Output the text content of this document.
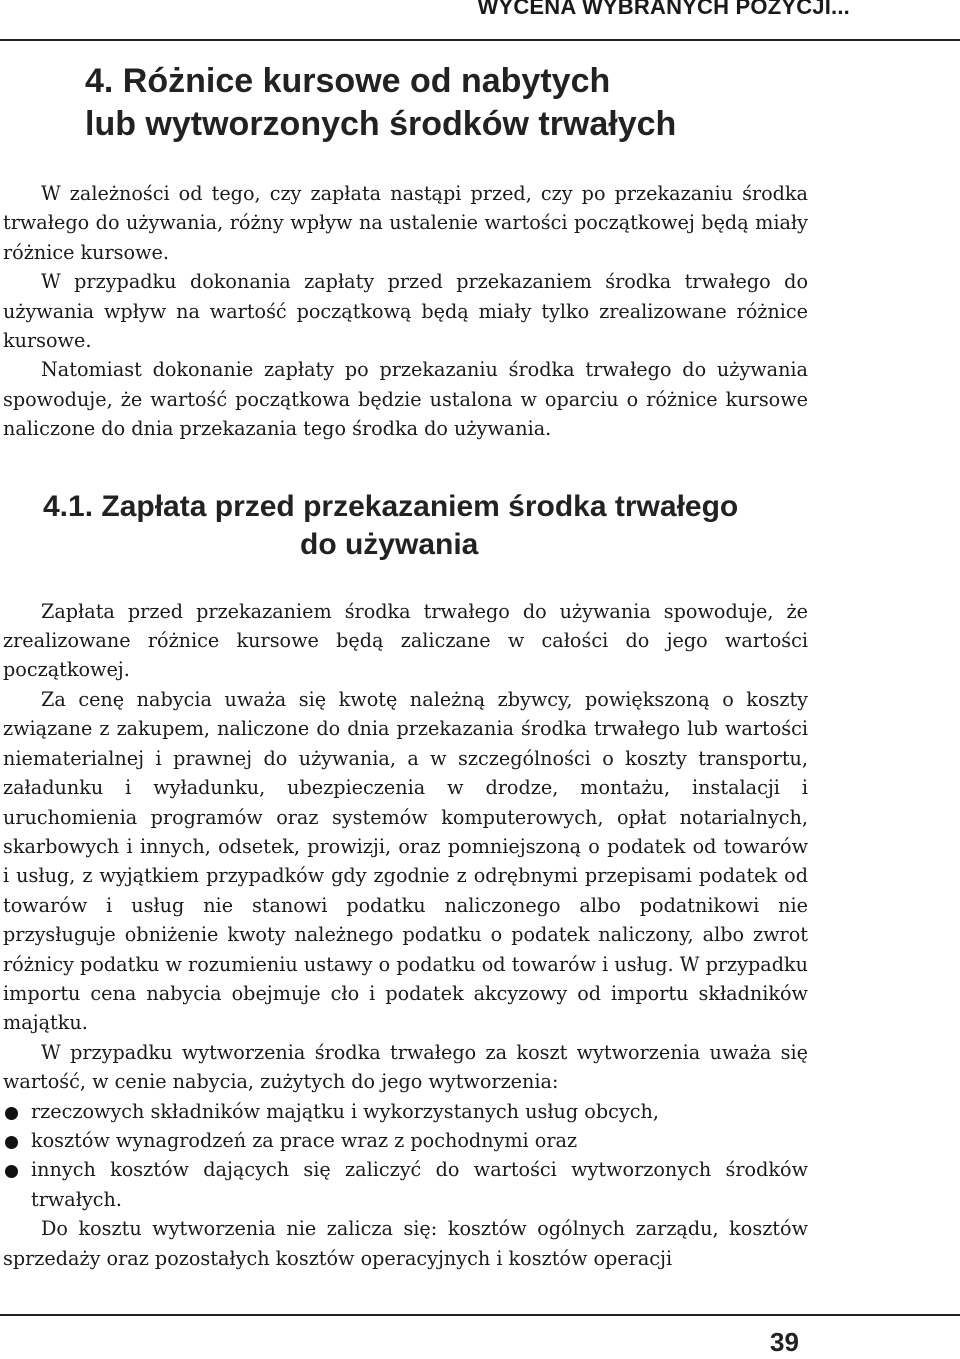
WYCENA WYBRANYCH POZYCJI...
4. Różnice kursowe od nabytych
lub wytworzonych środków trwałych

W zależności od tego, czy zapłata nastąpi przed, czy po przekazaniu środka trwałego do używania, różny wpływ na ustalenie wartości początkowej będą miały różnice kursowe.

W przypadku dokonania zapłaty przed przekazaniem środka trwałego do używania wpływ na wartość początkową będą miały tylko zrealizowane różnice kursowe.

Natomiast dokonanie zapłaty po przekazaniu środka trwałego do używania spowoduje, że wartość początkowa będzie ustalona w oparciu o różnice kursowe naliczone do dnia przekazania tego środka do używania.

4.1. Zapłata przed przekazaniem środka trwałego
do używania

Zapłata przed przekazaniem środka trwałego do używania spowoduje, że zrealizowane różnice kursowe będą zaliczane w całości do jego wartości początkowej.

Za cenę nabycia uważa się kwotę należną zbywcy, powiększoną o koszty związane z zakupem, naliczone do dnia przekazania środka trwałego lub wartości niematerialnej i prawnej do używania, a w szczególności o koszty transportu, załadunku i wyładunku, ubezpieczenia w drodze, montażu, instalacji i uruchomienia programów oraz systemów komputerowych, opłat notarialnych, skarbowych i innych, odsetek, prowizji, oraz pomniejszoną o podatek od towarów i usług, z wyjątkiem przypadków gdy zgodnie z odrębnymi przepisami podatek od towarów i usług nie stanowi podatku naliczonego albo podatnikowi nie przysługuje obniżenie kwoty należnego podatku o podatek naliczony, albo zwrot różnicy podatku w rozumieniu ustawy o podatku od towarów i usług. W przypadku importu cena nabycia obejmuje cło i podatek akcyzowy od importu składników majątku.

W przypadku wytworzenia środka trwałego za koszt wytworzenia uważa się wartość, w cenie nabycia, zużytych do jego wytworzenia:

rzeczowych składników majątku i wykorzystanych usług obcych,
kosztów wynagrodzeń za prace wraz z pochodnymi oraz
innych kosztów dających się zaliczyć do wartości wytworzonych środków trwałych.

Do kosztu wytworzenia nie zalicza się: kosztów ogólnych zarządu, kosztów sprzedaży oraz pozostałych kosztów operacyjnych i kosztów operacji

39
